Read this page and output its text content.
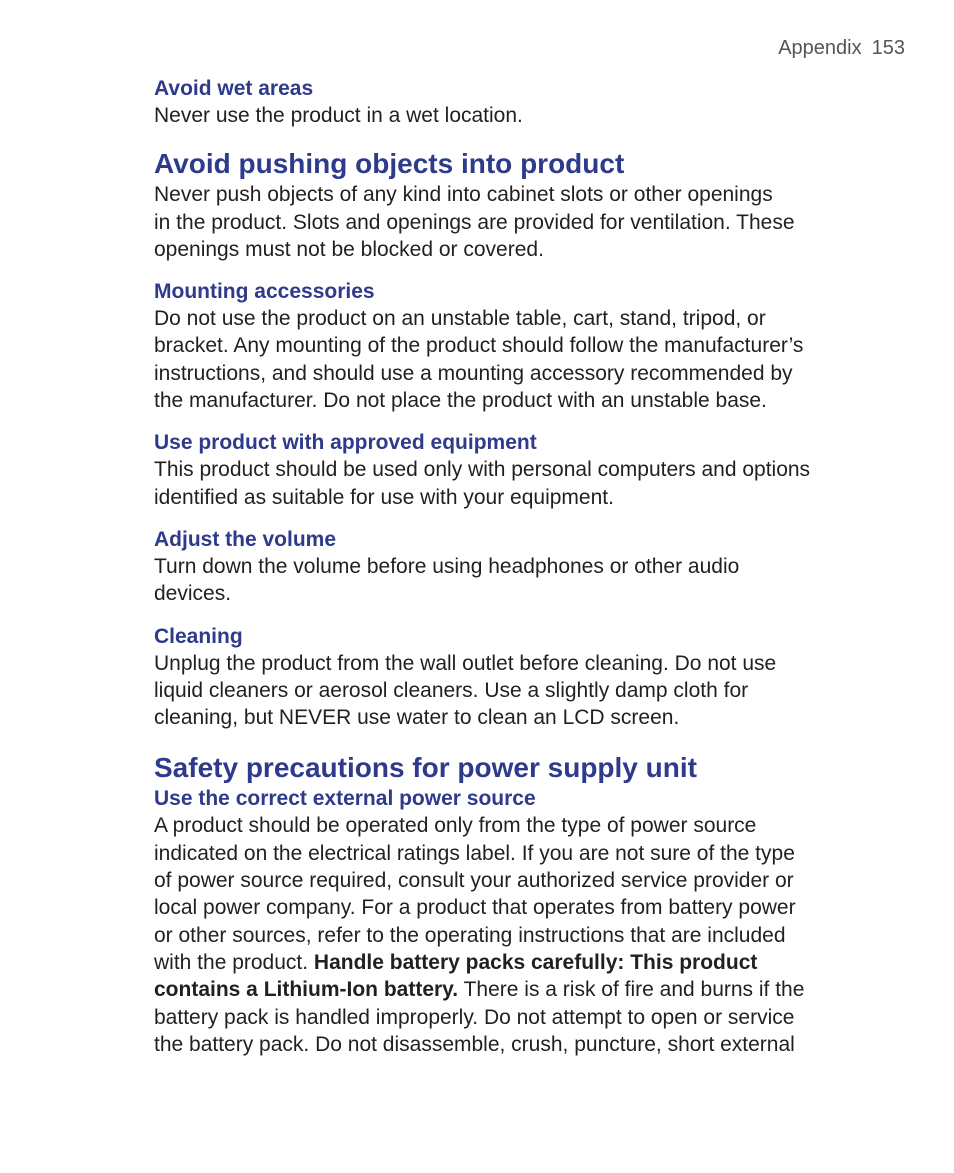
Appendix 153

Avoid wet areas

Never use the product in a wet location.

Avoid pushing objects into product

Never push objects of any kind into cabinet slots or other openings

in the product. Slots and openings are provided for ventilation. These

openings must not be blocked or covered.

Mounting accessories

Do not use the product on an unstable table, cart, stand, tripod, or

bracket. Any mounting of the product should follow the manufacturer’s

instructions, and should use a mounting accessory recommended by

the manufacturer. Do not place the product with an unstable base.

Use product with approved equipment

This product should be used only with personal computers and options

identified as suitable for use with your equipment.

Adjust the volume

Turn down the volume before using headphones or other audio

devices.

Cleaning

Unplug the product from the wall outlet before cleaning. Do not use

liquid cleaners or aerosol cleaners. Use a slightly damp cloth for

cleaning, but NEVER use water to clean an LCD screen.

Safety precautions for power supply unit

Use the correct external power source

A product should be operated only from the type of power source

indicated on the electrical ratings label. If you are not sure of the type

of power source required, consult your authorized service provider or

local power company. For a product that operates from battery power

or other sources, refer to the operating instructions that are included

with the product. Handle battery packs carefully: This product

contains a Lithium-Ion battery. There is a risk of fire and burns if the

battery pack is handled improperly. Do not attempt to open or service

the battery pack. Do not disassemble, crush, puncture, short external
